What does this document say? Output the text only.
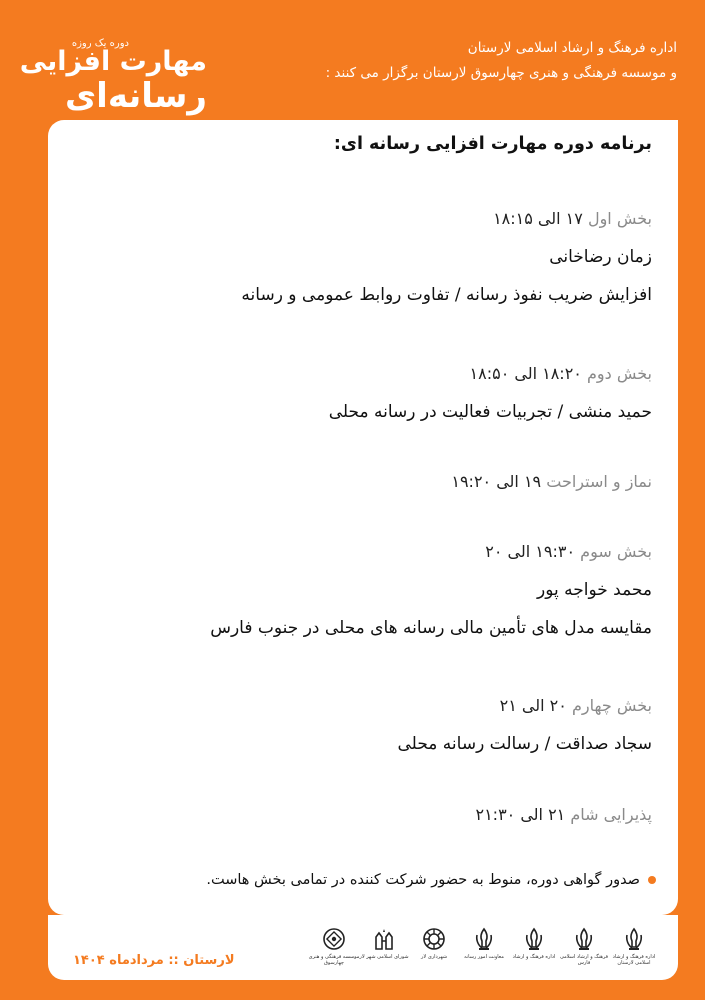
دوره یک روزه
مهارت افزایی
رسانه‌ای
اداره فرهنگ و ارشاد اسلامی لارستان
و موسسه فرهنگی و هنری چهارسوق لارستان برگزار می کنند :
برنامه دوره مهارت افزایی رسانه ای:
بخش اول ۱۷ الی ۱۸:۱۵
زمان رضاخانی
افزایش ضریب نفوذ رسانه / تفاوت روابط عمومی و رسانه
بخش دوم ۱۸:۲۰ الی ۱۸:۵۰
حمید منشی / تجربیات فعالیت در رسانه محلی
نماز و استراحت ۱۹ الی ۱۹:۲۰
بخش سوم ۱۹:۳۰ الی ۲۰
محمد خواجه پور
مقایسه مدل های تأمین مالی رسانه های محلی در جنوب فارس
بخش چهارم ۲۰ الی ۲۱
سجاد صداقت / رسالت رسانه محلی
پذیرایی شام ۲۱ الی ۲۱:۳۰
صدور گواهی دوره، منوط به حضور شرکت کننده در تمامی بخش هاست.
لارستان :: مردادماه ۱۴۰۴	اداره فرهنگ و ارشاد اسلامی لارستان
فرهنگ و ارشاد اسلامی فارس
اداره فرهنگ و ارشاد
معاونت امور رسانه
شهرداری لار
شورای اسلامی شهر لار
موسسه فرهنگی و هنری چهارسوق
